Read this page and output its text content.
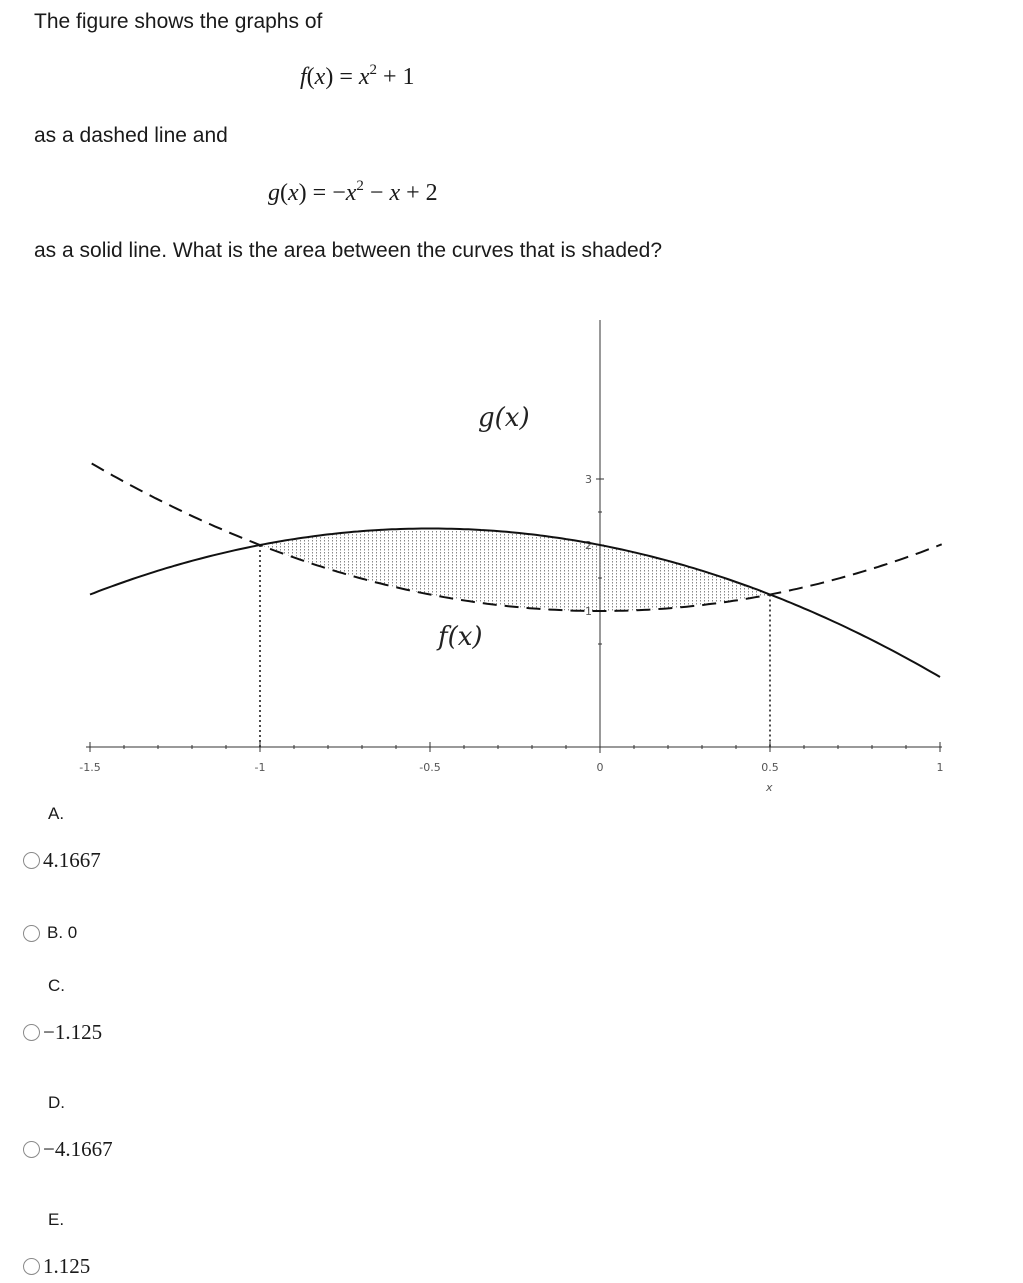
The figure shows the graphs of
$f(x) = x^2 + 1$
as a dashed line and
$g(x) = -x^2 - x + 2$
as a solid line. What is the area between the curves that is shaded?
-1.5	-1	-0.5	0	0.5	1
1
2
3
g(x)
f(x)
x
A.
4.1667
B. 0
C.
−1.125
D.
−4.1667
E.
1.125
